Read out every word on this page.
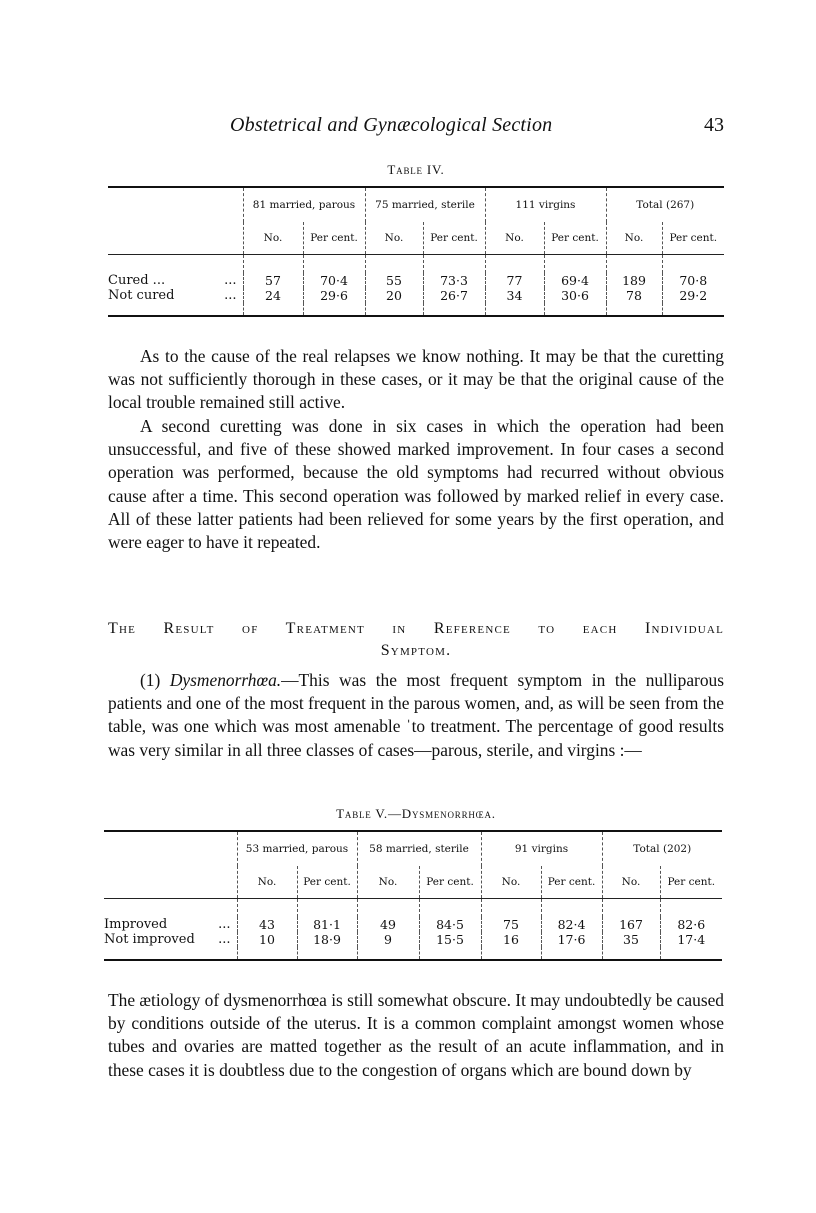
Obstetrical and Gynæcological Section	43
Table IV.
	81 married, parous		75 married, sterile		111 virgins		Total (267)	
	No.	Per cent.	No.	Per cent.	No.	Per cent.	No.	Per cent.

Cured ... ...	57	70·4	55	73·3	77	69·4	189	70·8
Not cured ...	24	29·6	20	26·7	34	30·6	78	29·2

As to the cause of the real relapses we know nothing. It may be that the curetting was not sufficiently thorough in these cases, or it may be that the original cause of the local trouble remained still active.

A second curetting was done in six cases in which the operation had been unsuccessful, and five of these showed marked improvement. In four cases a second operation was performed, because the old symptoms had recurred without obvious cause after a time. This second operation was followed by marked relief in every case. All of these latter patients had been relieved for some years by the first operation, and were eager to have it repeated.

The Result of Treatment in Reference to each Individual
Symptom.

(1) Dysmenorrhœa.—This was the most frequent symptom in the nulliparous patients and one of the most frequent in the parous women, and, as will be seen from the table, was one which was most amenable ˈto treatment. The percentage of good results was very similar in all three classes of cases—parous, sterile, and virgins :—

Table V.—Dysmenorrhœa.
	53 married, parous		58 married, sterile		91 virgins		Total (202)	
	No.	Per cent.	No.	Per cent.	No.	Per cent.	No.	Per cent.

Improved ...	43	81·1	49	84·5	75	82·4	167	82·6
Not improved ...	10	18·9	9	15·5	16	17·6	35	17·4

The ætiology of dysmenorrhœa is still somewhat obscure. It may undoubtedly be caused by conditions outside of the uterus. It is a common complaint amongst women whose tubes and ovaries are matted together as the result of an acute inflammation, and in these cases it is doubtless due to the congestion of organs which are bound down by
